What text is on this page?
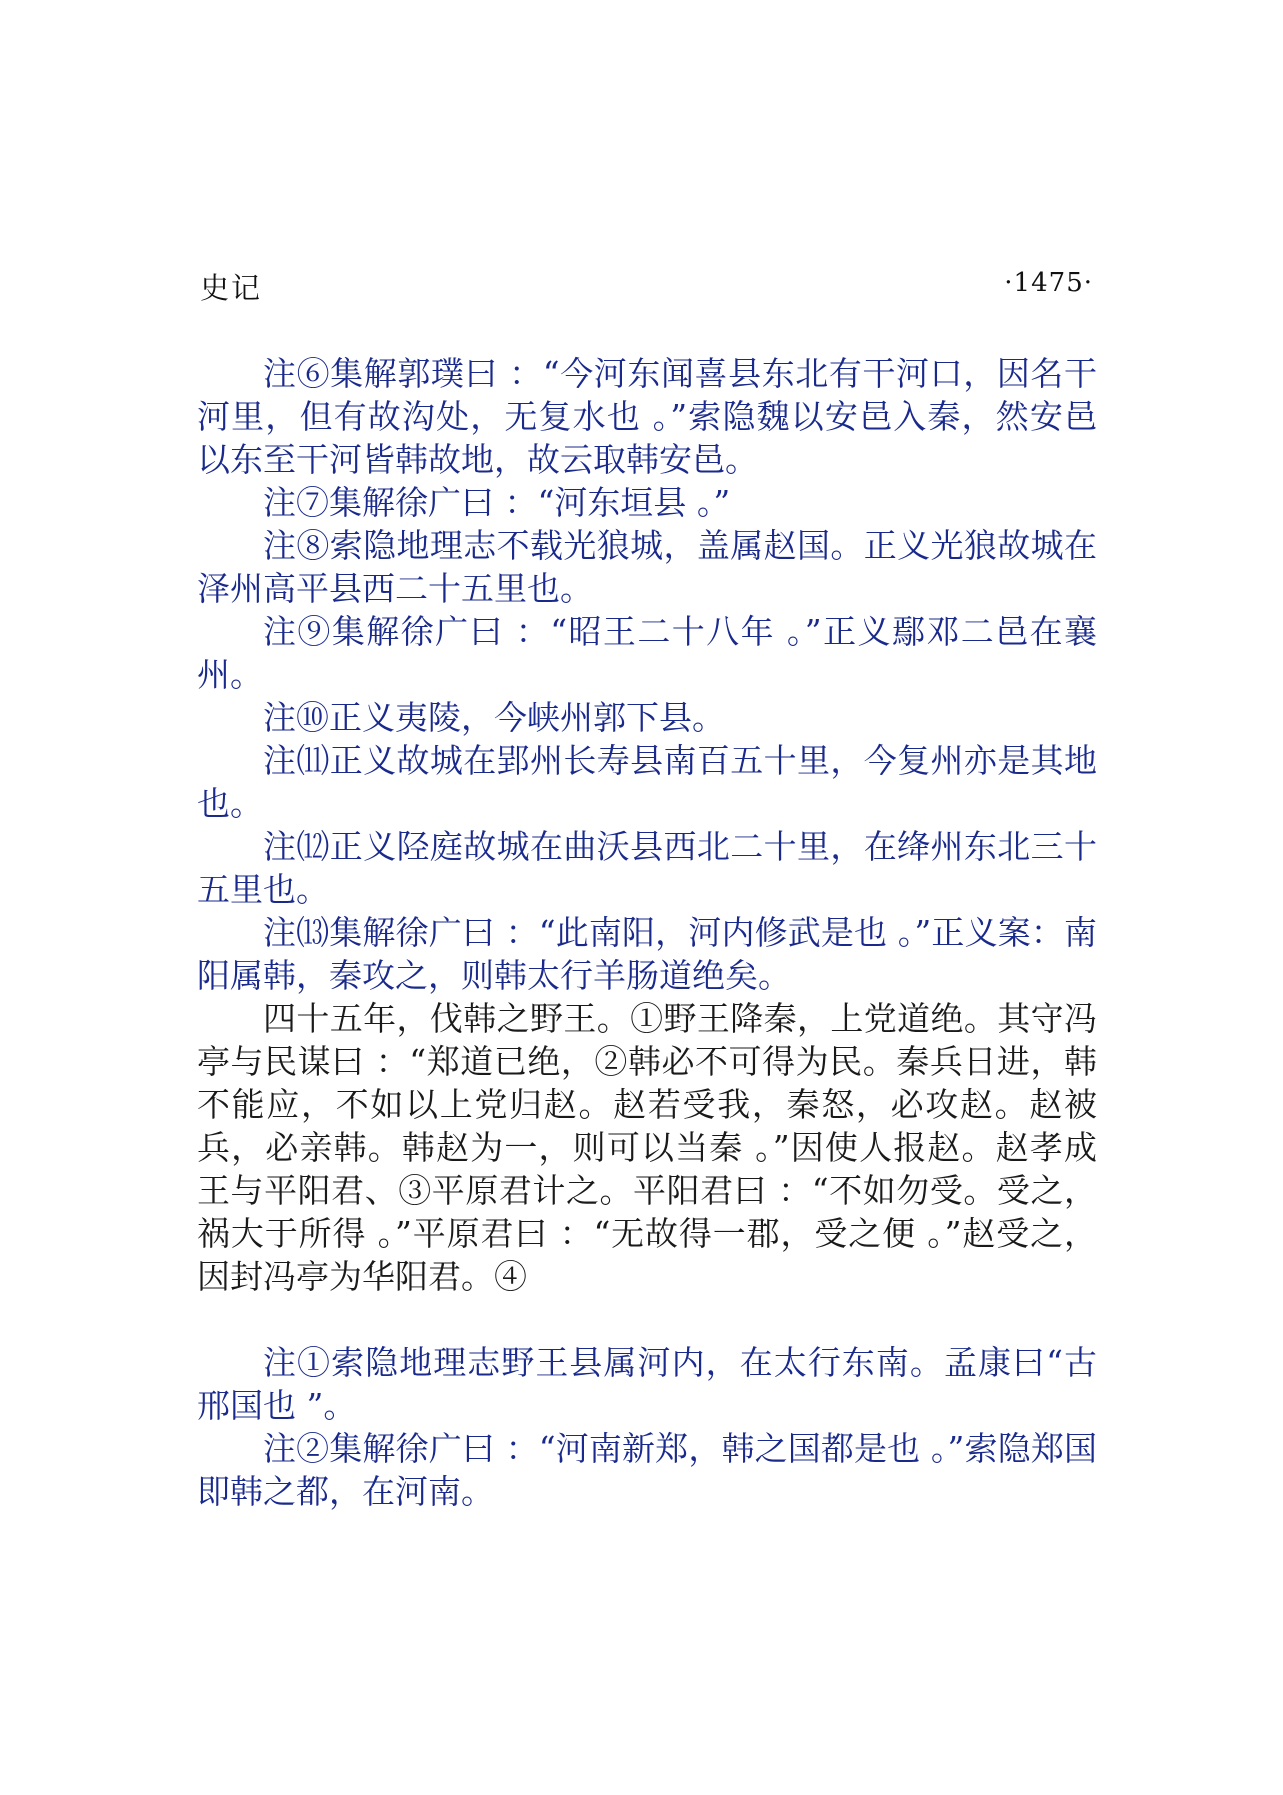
史记	·1475·

注⑥集解郭璞曰 ：“今河东闻喜县东北有干河口，因名干河里，但有故沟处，无复水也 。”索隐魏以安邑入秦，然安邑以东至干河皆韩故地，故云取韩安邑。

注⑦集解徐广曰 ：“河东垣县 。”

注⑧索隐地理志不载光狼城，盖属赵国。正义光狼故城在泽州高平县西二十五里也。

注⑨集解徐广曰 ：“昭王二十八年 。”正义鄢邓二邑在襄州。

注⑩正义夷陵，今峡州郭下县。

注⑾正义故城在郢州长寿县南百五十里，今复州亦是其地也。

注⑿正义陉庭故城在曲沃县西北二十里，在绛州东北三十五里也。

注⒀集解徐广曰 ：“此南阳，河内修武是也 。”正义案：南阳属韩，秦攻之，则韩太行羊肠道绝矣。

四十五年，伐韩之野王。①野王降秦，上党道绝。其守冯亭与民谋曰 ：“郑道已绝，②韩必不可得为民。秦兵日进，韩不能应，不如以上党归赵。赵若受我，秦怒，必攻赵。赵被兵，必亲韩。韩赵为一，则可以当秦 。”因使人报赵。赵孝成王与平阳君、③平原君计之。平阳君曰 ：“不如勿受。受之，祸大于所得 。”平原君曰 ：“无故得一郡，受之便 。”赵受之，因封冯亭为华阳君。④

注①索隐地理志野王县属河内，在太行东南。孟康曰“古邢国也 ”。

注②集解徐广曰 ：“河南新郑，韩之国都是也 。”索隐郑国即韩之都，在河南。
